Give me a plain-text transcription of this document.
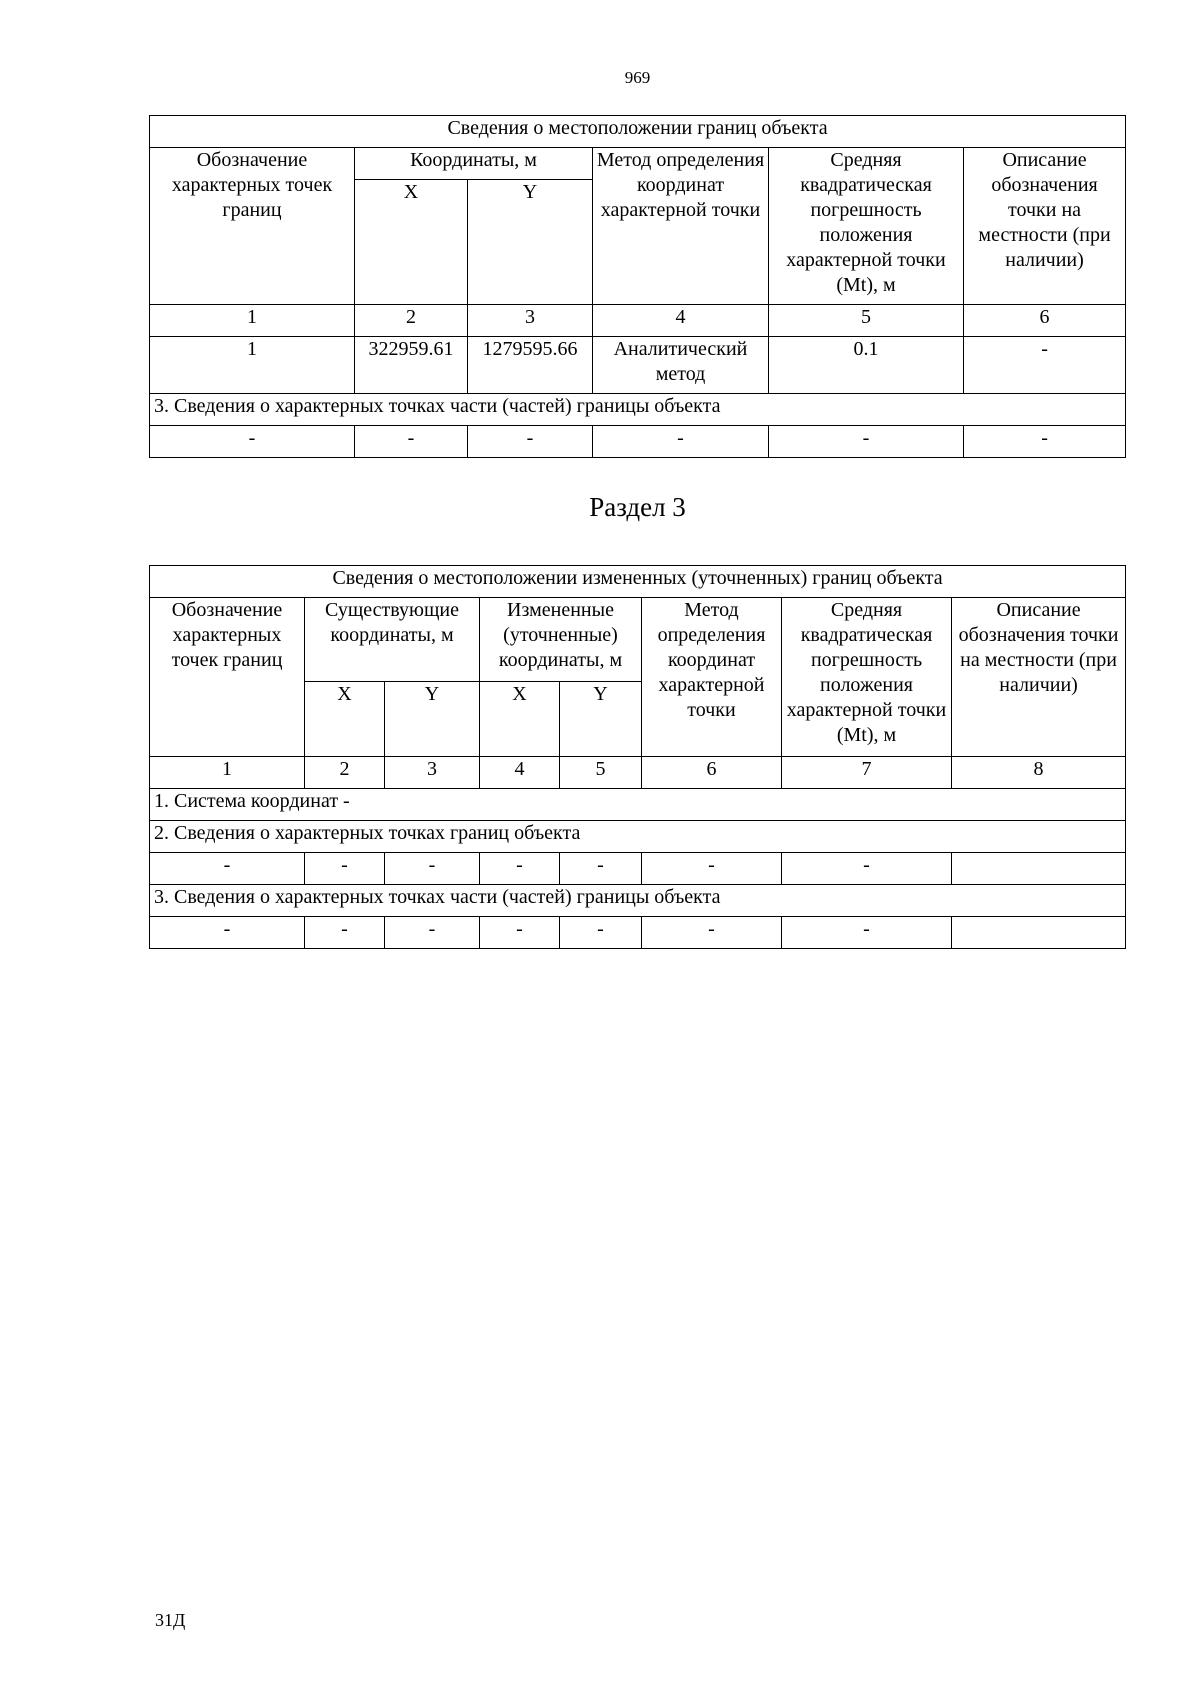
969
Сведения о местоположении границ объекта					
Обозначение характерных точек границ	Координаты, м		Метод определения координат характерной точки	Средняя квадратическая погрешность положения характерной точки (Mt), м	Описание обозначения точки на местности (при наличии)
	X	Y			
1	2	3	4	5	6
1	322959.61	1279595.66	Аналитический метод	0.1	-
3. Сведения о характерных точках части (частей) границы объекта					
-	-	-	-	-	-
Раздел 3
Сведения о местоположении измененных (уточненных) границ объекта							
Обозначение характерных точек границ	Существующие координаты, м		Измененные (уточненные) координаты, м		Метод определения координат характерной точки	Средняя квадратическая погрешность положения характерной точки (Mt), м	Описание обозначения точки на местности (при наличии)
	X	Y	X	Y			
1	2	3	4	5	6	7	8
1. Система координат -							
2. Сведения о характерных точках границ объекта							
-	-	-	-	-	-	-	
3. Сведения о характерных точках части (частей) границы объекта							
-	-	-	-	-	-	-	
31Д
